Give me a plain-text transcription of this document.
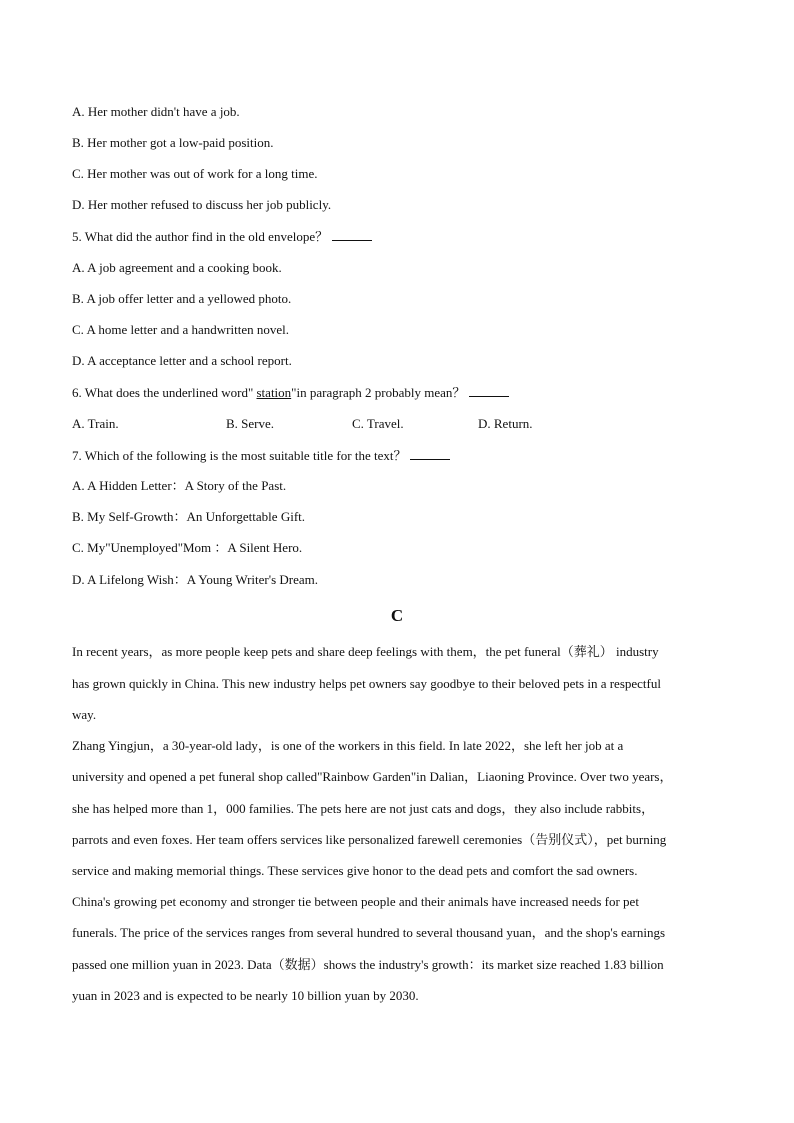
A. Her mother didn't have a job.
B. Her mother got a low-paid position.
C. Her mother was out of work for a long time.
D. Her mother refused to discuss her job publicly.
5. What did the author find in the old envelope？
A. A job agreement and a cooking book.
B. A job offer letter and a yellowed photo.
C. A home letter and a handwritten novel.
D. A acceptance letter and a school report.
6. What does the underlined word" station"in paragraph 2 probably mean？
A. Train.	B. Serve.	C. Travel.	D. Return.
7. Which of the following is the most suitable title for the text？
A. A Hidden Letter：A Story of the Past.
B. My Self-Growth：An Unforgettable Gift.
C. My"Unemployed"Mom ：A Silent Hero.
D. A Lifelong Wish：A Young Writer's Dream.
C
In recent years，as more people keep pets and share deep feelings with them，the pet funeral（葬礼） industry
has grown quickly in China. This new industry helps pet owners say goodbye to their beloved pets in a respectful
way.
Zhang Yingjun，a 30-year-old lady，is one of the workers in this field. In late 2022，she left her job at a
university and opened a pet funeral shop called"Rainbow Garden"in Dalian，Liaoning Province. Over two years，
she has helped more than 1，000 families. The pets here are not just cats and dogs，they also include rabbits，
parrots and even foxes. Her team offers services like personalized farewell ceremonies（告别仪式），pet burning
service and making memorial things. These services give honor to the dead pets and comfort the sad owners.
China's growing pet economy and stronger tie between people and their animals have increased needs for pet
funerals. The price of the services ranges from several hundred to several thousand yuan，and the shop's earnings
passed one million yuan in 2023. Data（数据）shows the industry's growth：its market size reached 1.83 billion
yuan in 2023 and is expected to be nearly 10 billion yuan by 2030.
